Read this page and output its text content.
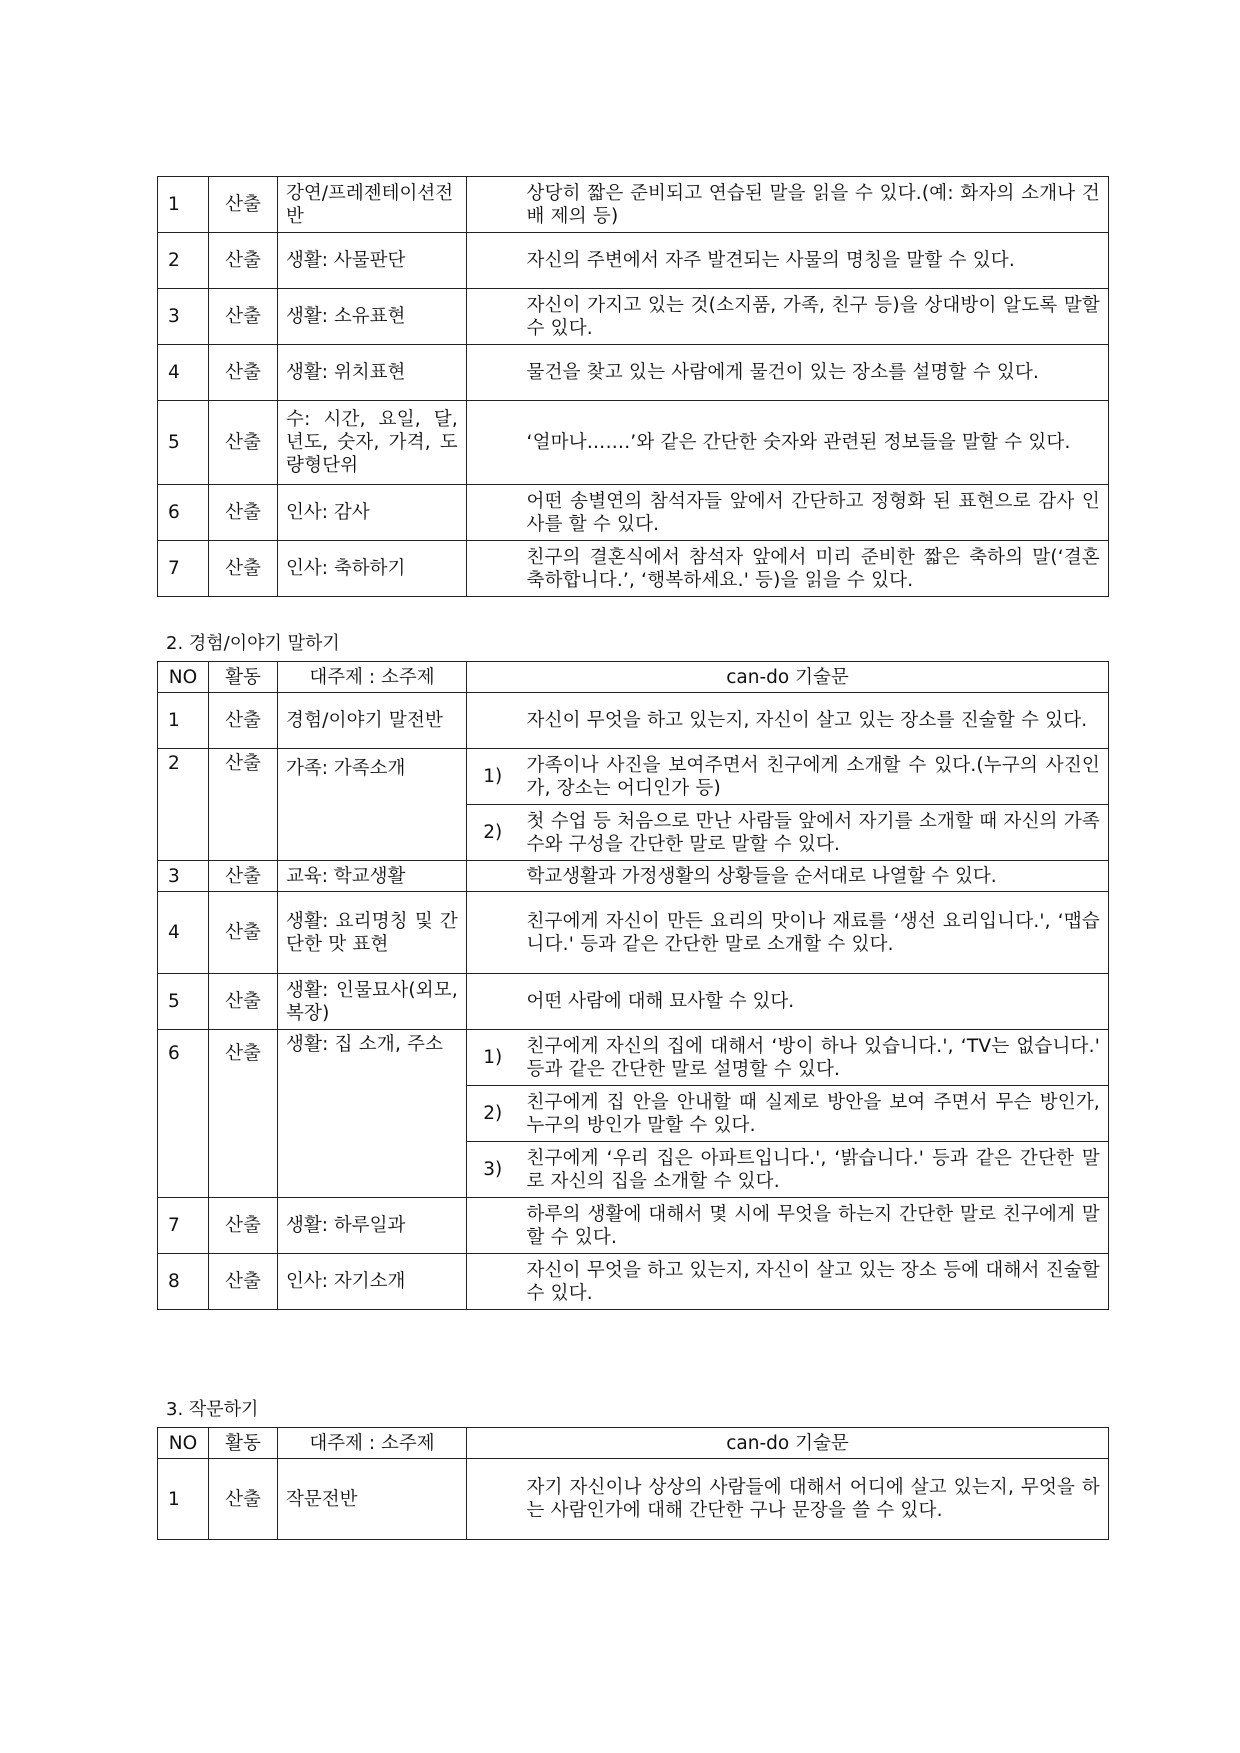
1	산출	강연/프레젠테이션전반		상당히 짧은 준비되고 연습된 말을 읽을 수 있다.(예: 화자의 소개나 건배 제의 등)
2	산출	생활: 사물판단		자신의 주변에서 자주 발견되는 사물의 명칭을 말할 수 있다.
3	산출	생활: 소유표현		자신이 가지고 있는 것(소지품, 가족, 친구 등)을 상대방이 알도록 말할 수 있다.
4	산출	생활: 위치표현		물건을 찾고 있는 사람에게 물건이 있는 장소를 설명할 수 있다.
5	산출	수: 시간, 요일, 달, 년도, 숫자, 가격, 도량형단위		‘얼마나…….’와 같은 간단한 숫자와 관련된 정보들을 말할 수 있다.
6	산출	인사: 감사		어떤 송별연의 참석자들 앞에서 간단하고 정형화 된 표현으로 감사 인사를 할 수 있다.
7	산출	인사: 축하하기		친구의 결혼식에서 참석자 앞에서 미리 준비한 짧은 축하의 말(‘결혼 축하합니다.’, ‘행복하세요.' 등)을 읽을 수 있다.
2. 경험/이야기 말하기
NO	활동	대주제 : 소주제	can-do 기술문	
1	산출	경험/이야기 말전반		자신이 무엇을 하고 있는지, 자신이 살고 있는 장소를 진술할 수 있다.
2	산출	가족: 가족소개	1)	가족이나 사진을 보여주면서 친구에게 소개할 수 있다.(누구의 사진인가, 장소는 어디인가 등)
			2)	첫 수업 등 처음으로 만난 사람들 앞에서 자기를 소개할 때 자신의 가족 수와 구성을 간단한 말로 말할 수 있다.
3	산출	교육: 학교생활		학교생활과 가정생활의 상황들을 순서대로 나열할 수 있다.
4	산출	생활: 요리명칭 및 간단한 맛 표현		친구에게 자신이 만든 요리의 맛이나 재료를 ‘생선 요리입니다.', ‘맵습니다.' 등과 같은 간단한 말로 소개할 수 있다.
5	산출	생활: 인물묘사(외모, 복장)		어떤 사람에 대해 묘사할 수 있다.
6	산출	생활: 집 소개, 주소	1)	친구에게 자신의 집에 대해서 ‘방이 하나 있습니다.', ‘TV는 없습니다.' 등과 같은 간단한 말로 설명할 수 있다.
			2)	친구에게 집 안을 안내할 때 실제로 방안을 보여 주면서 무슨 방인가, 누구의 방인가 말할 수 있다.
			3)	친구에게 ‘우리 집은 아파트입니다.', ‘밝습니다.' 등과 같은 간단한 말로 자신의 집을 소개할 수 있다.
7	산출	생활: 하루일과		하루의 생활에 대해서 몇 시에 무엇을 하는지 간단한 말로 친구에게 말할 수 있다.
8	산출	인사: 자기소개		자신이 무엇을 하고 있는지, 자신이 살고 있는 장소 등에 대해서 진술할 수 있다.
3. 작문하기
NO	활동	대주제 : 소주제	can-do 기술문	
1	산출	작문전반		자기 자신이나 상상의 사람들에 대해서 어디에 살고 있는지, 무엇을 하는 사람인가에 대해 간단한 구나 문장을 쓸 수 있다.
